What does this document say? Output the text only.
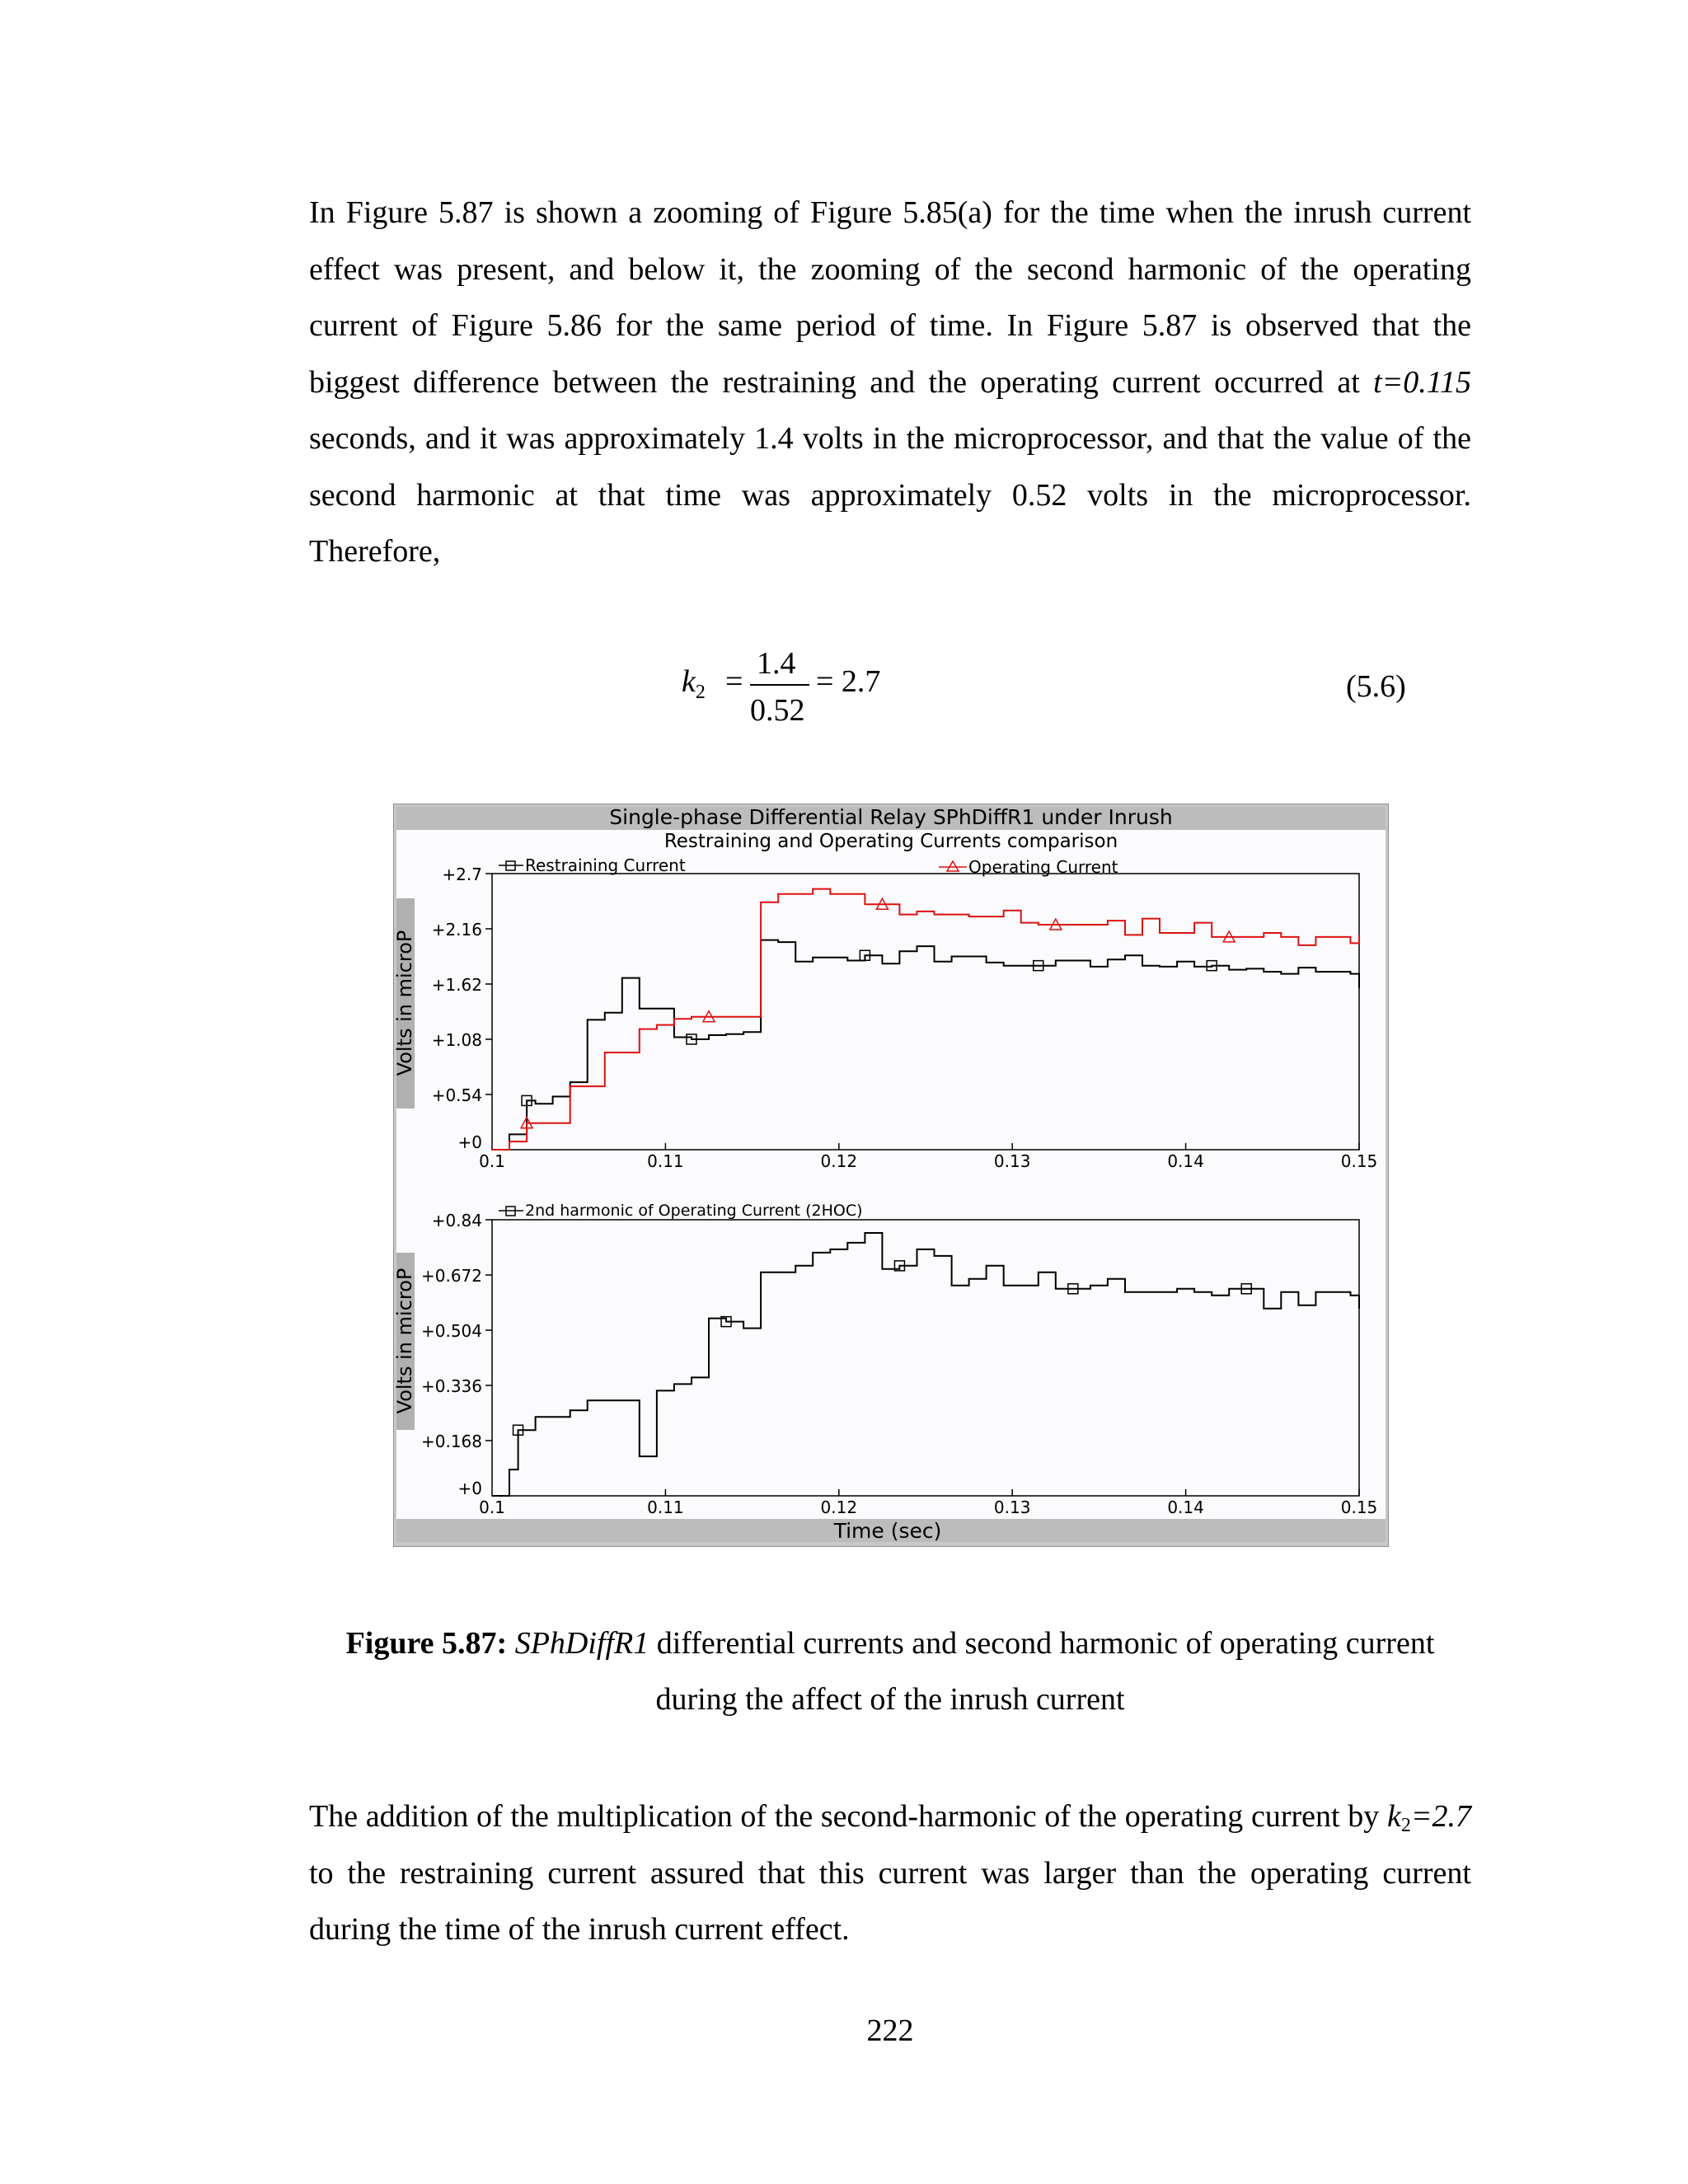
In Figure 5.87 is shown a zooming of Figure 5.85(a) for the time when the inrush current effect was present, and below it, the zooming of the second harmonic of the operating current of Figure 5.86 for the same period of time. In Figure 5.87 is observed that the biggest difference between the restraining and the operating current occurred at t=0.115 seconds, and it was approximately 1.4 volts in the microprocessor, and that the value of the second harmonic at that time was approximately 0.52 volts in the microprocessor. Therefore,

$k_2$ =
1.4
0.52
= 2.7	(5.6)
Single-phase Differential Relay SPhDiffR1 under Inrush
Restraining and Operating Currents comparison
Volts in microP
Volts in microP
+0
+0.54
+1.08
+1.62
+2.16
+2.7
0.1	0.11	0.12	0.13	0.14	0.15
Restraining Current	Operating Current
+0
+0.168
+0.336
+0.504
+0.672
+0.84
0.1	0.11	0.12	0.13	0.14	0.15
2nd harmonic of Operating Current (2HOC)
Time (sec)

Figure 5.87: SPhDiffR1 differential currents and second harmonic of operating current during the affect of the inrush current

The addition of the multiplication of the second-harmonic of the operating current by $k_2=2.7$ to the restraining current assured that this current was larger than the operating current during the time of the inrush current effect.

222
